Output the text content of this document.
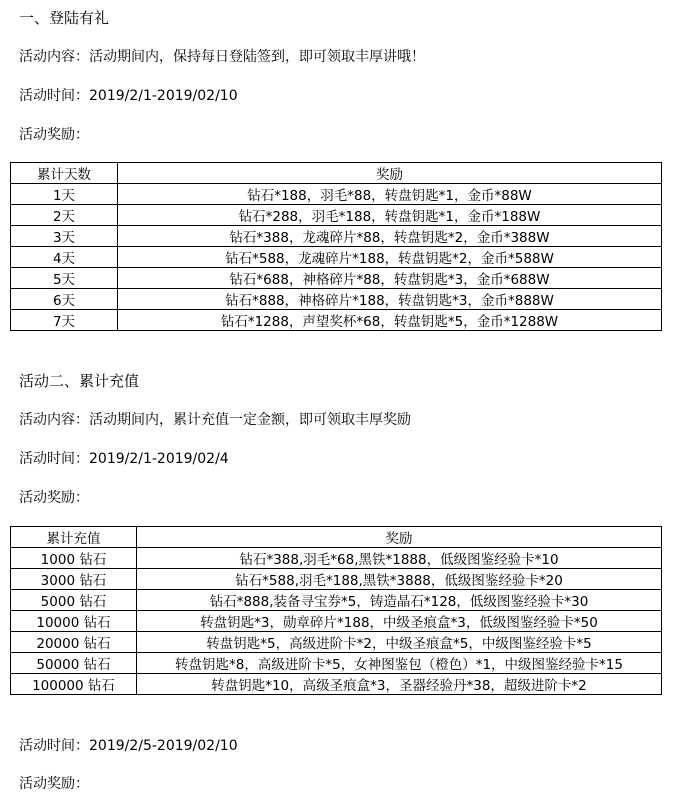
一、登陆有礼
活动内容：活动期间内，保持每日登陆签到，即可领取丰厚讲哦！
活动时间：2019/2/1-2019/02/10
活动奖励：
累计天数	奖励
1天	钻石*188，羽毛*88，转盘钥匙*1，金币*88W
2天	钻石*288，羽毛*188，转盘钥匙*1，金币*188W
3天	钻石*388，龙魂碎片*88，转盘钥匙*2，金币*388W
4天	钻石*588，龙魂碎片*188，转盘钥匙*2，金币*588W
5天	钻石*688，神格碎片*88，转盘钥匙*3，金币*688W
6天	钻石*888，神格碎片*188，转盘钥匙*3，金币*888W
7天	钻石*1288，声望奖杯*68，转盘钥匙*5，金币*1288W
活动二、累计充值
活动内容：活动期间内，累计充值一定金额，即可领取丰厚奖励
活动时间：2019/2/1-2019/02/4
活动奖励：
累计充值	奖励
1000 钻石	钻石*388,羽毛*68,黑铁*1888，低级图鉴经验卡*10
3000 钻石	钻石*588,羽毛*188,黑铁*3888，低级图鉴经验卡*20
5000 钻石	钻石*888,装备寻宝券*5，铸造晶石*128，低级图鉴经验卡*30
10000 钻石	转盘钥匙*3，勋章碎片*188，中级圣痕盒*3，低级图鉴经验卡*50
20000 钻石	转盘钥匙*5，高级进阶卡*2，中级圣痕盒*5，中级图鉴经验卡*5
50000 钻石	转盘钥匙*8，高级进阶卡*5，女神图鉴包（橙色）*1，中级图鉴经验卡*15
100000 钻石	转盘钥匙*10，高级圣痕盒*3，圣器经验丹*38，超级进阶卡*2
活动时间：2019/2/5-2019/02/10
活动奖励：
